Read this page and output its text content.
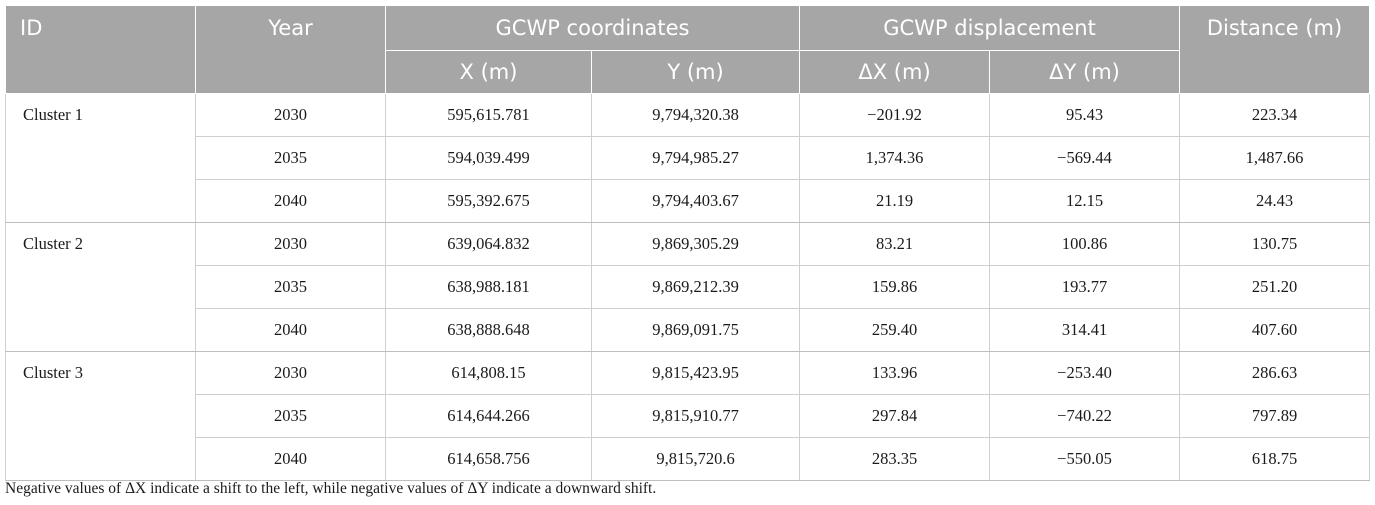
ID	Year	GCWP coordinates		GCWP displacement		Distance (m)
		X (m)	Y (m)	ΔX (m)	ΔY (m)	
Cluster 1	2030	595,615.781	9,794,320.38	−201.92	95.43	223.34
	2035	594,039.499	9,794,985.27	1,374.36	−569.44	1,487.66
	2040	595,392.675	9,794,403.67	21.19	12.15	24.43
Cluster 2	2030	639,064.832	9,869,305.29	83.21	100.86	130.75
	2035	638,988.181	9,869,212.39	159.86	193.77	251.20
	2040	638,888.648	9,869,091.75	259.40	314.41	407.60
Cluster 3	2030	614,808.15	9,815,423.95	133.96	−253.40	286.63
	2035	614,644.266	9,815,910.77	297.84	−740.22	797.89
	2040	614,658.756	9,815,720.6	283.35	−550.05	618.75
Negative values of ΔX indicate a shift to the left, while negative values of ΔY indicate a downward shift.
